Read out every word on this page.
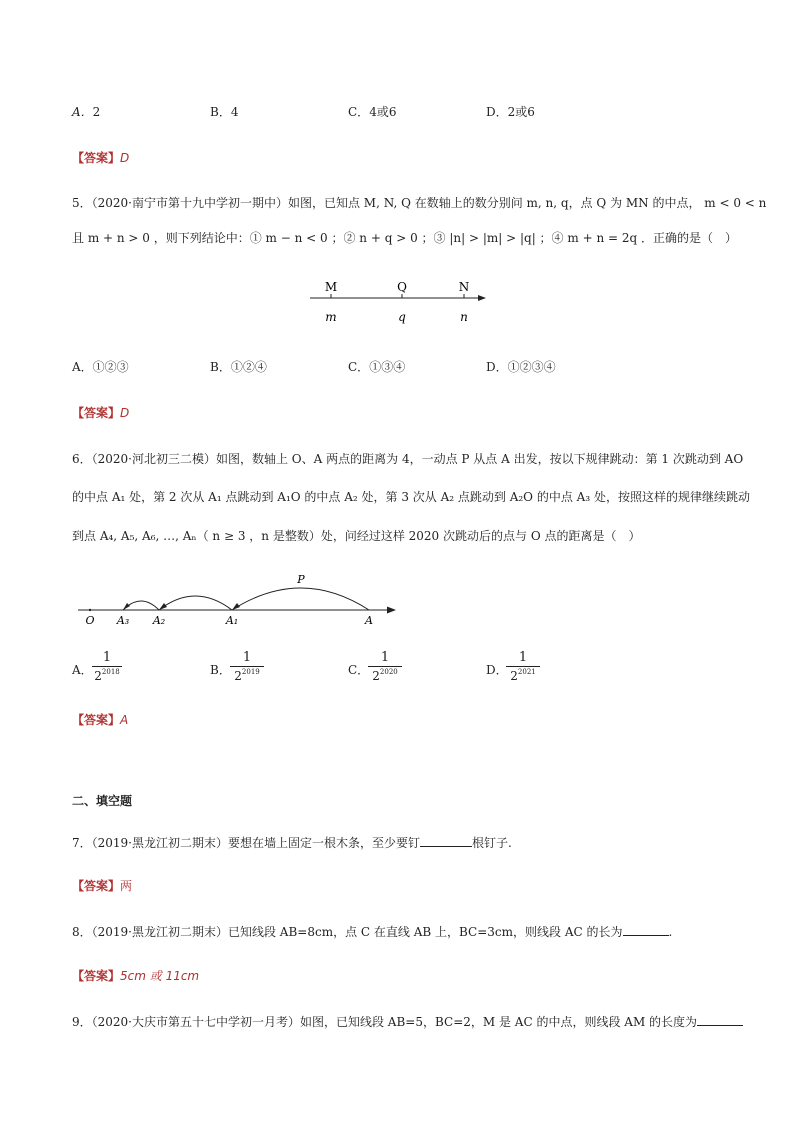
A．2	B．4	C．4或6	D．2或6
【答案】D
5．（2020·南宁市第十九中学初一期中）如图，已知点 M, N, Q 在数轴上的数分别问 m, n, q，点 Q 为 MN 的中点， m < 0 < n
且 m + n > 0 ，则下列结论中：① m − n < 0 ；② n + q > 0 ；③ |n| > |m| > |q| ；④ m + n = 2q ．正确的是（　）
M	Q	N
m	q	n
A．①②③	B．①②④	C．①③④	D．①②③④
【答案】D
6．（2020·河北初三二模）如图，数轴上 O、A 两点的距离为 4，一动点 P 从点 A 出发，按以下规律跳动：第 1 次跳动到 AO
的中点 A₁ 处，第 2 次从 A₁ 点跳动到 A₁O 的中点 A₂ 处，第 3 次从 A₂ 点跳动到 A₂O 的中点 A₃ 处，按照这样的规律继续跳动
到点 A₄, A₅, A₆, …, Aₙ（ n ≥ 3 ，n 是整数）处，问经过这样 2020 次跳动后的点与 O 点的距离是（　）
O A₃ A₂	A₁	A
P
A．
1
$2^{2018}$	B．
1
$2^{2019}$	C．
1
$2^{2020}$	D．
1
$2^{2021}$
【答案】A
二、填空题
7．（2019·黑龙江初二期末）要想在墙上固定一根木条，至少要钉	根钉子.
【答案】两
8．（2019·黑龙江初二期末）已知线段 AB=8cm，点 C 在直线 AB 上，BC=3cm，则线段 AC 的长为	.
【答案】5cm 或 11cm
9．（2020·大庆市第五十七中学初一月考）如图，已知线段 AB=5，BC=2，M 是 AC 的中点，则线段 AM 的长度为
